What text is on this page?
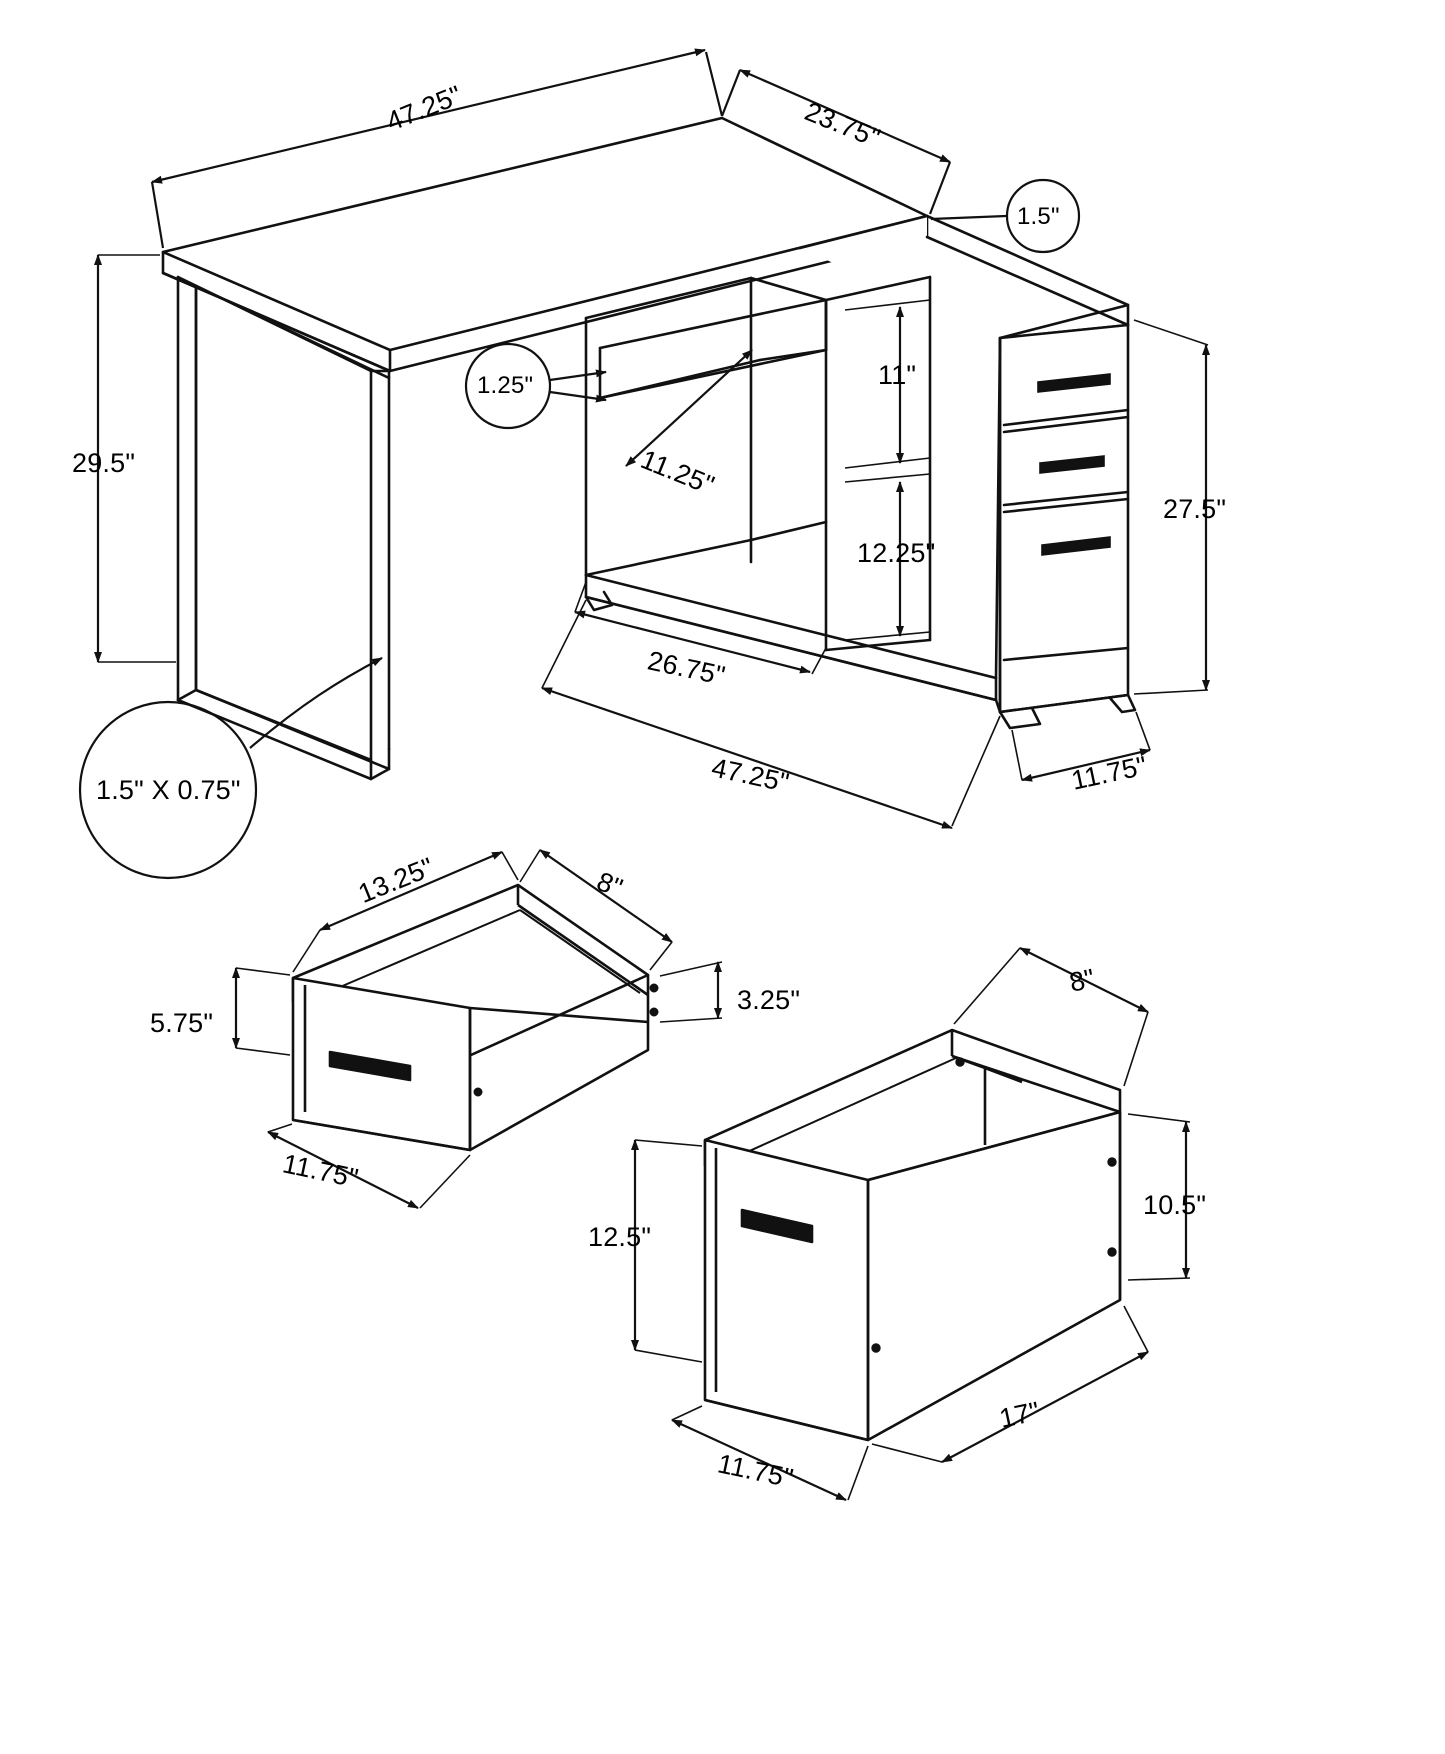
47.25"	23.75"
1.5"
29.5"
1.25"
11.25"
11"
12.25"
27.5"
26.75"
47.25"	11.75"
1.5" X 0.75"
13.25"	8"
3.25"
5.75"
11.75"
8"
10.5"
12.5"
11.75"
17"
